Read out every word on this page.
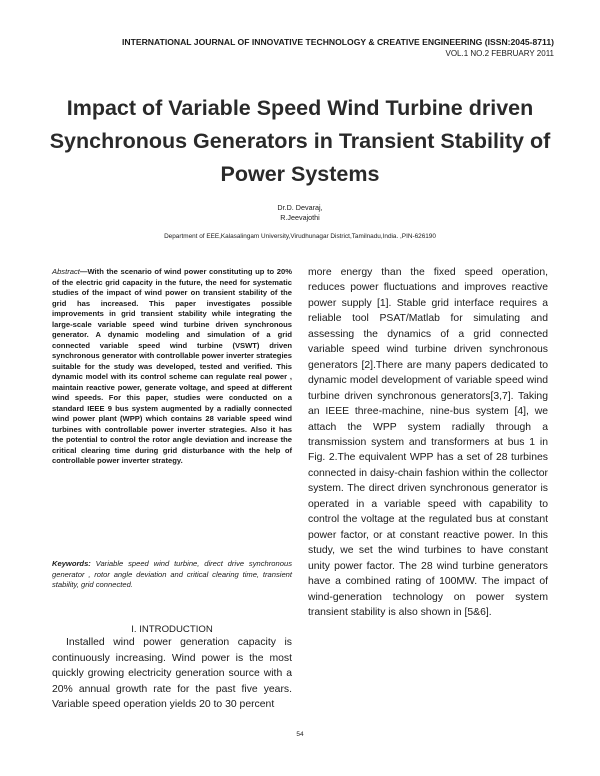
INTERNATIONAL JOURNAL OF INNOVATIVE TECHNOLOGY & CREATIVE ENGINEERING (ISSN:2045-8711)
VOL.1 NO.2 FEBRUARY 2011
Impact of Variable Speed Wind Turbine driven
Synchronous Generators in Transient Stability of
Power Systems
Dr.D. Devaraj,
R.Jeevajothi
Department of EEE,Kalasalingam University,Virudhunagar District,Tamilnadu,India. ,PIN-626190
Abstract—With the scenario of wind power constituting up to 20% of the electric grid capacity in the future, the need for systematic studies of the impact of wind power on transient stability of the grid has increased. This paper investigates possible improvements in grid transient stability while integrating the large-scale variable speed wind turbine driven synchronous generator. A dynamic modeling and simulation of a grid connected variable speed wind turbine (VSWT) driven synchronous generator with controllable power inverter strategies suitable for the study was developed, tested and verified. This dynamic model with its control scheme can regulate real power , maintain reactive power, generate voltage, and speed at different wind speeds. For this paper, studies were conducted on a standard IEEE 9 bus system augmented by a radially connected wind power plant (WPP) which contains 28 variable speed wind turbines with controllable power inverter strategies. Also it has the potential to control the rotor angle deviation and increase the critical clearing time during grid disturbance with the help of controllable power inverter strategy.
Keywords: Variable speed wind turbine, direct drive synchronous generator , rotor angle deviation and critical clearing time, transient stability, grid connected.
I. INTRODUCTION

Installed wind power generation capacity is continuously increasing. Wind power is the most quickly growing electricity generation source with a 20% annual growth rate for the past five years. Variable speed operation yields 20 to 30 percent

more energy than the fixed speed operation, reduces power fluctuations and improves reactive power supply [1]. Stable grid interface requires a reliable tool PSAT/Matlab for simulating and assessing the dynamics of a grid connected variable speed wind turbine driven synchronous generators [2].There are many papers dedicated to dynamic model development of variable speed wind turbine driven synchronous generators[3,7]. Taking an IEEE three-machine, nine-bus system [4], we attach the WPP system radially through a transmission system and transformers at bus 1 in Fig. 2.The equivalent WPP has a set of 28 turbines connected in daisy-chain fashion within the collector system. The direct driven synchronous generator is operated in a variable speed with capability to control the voltage at the regulated bus at constant power factor, or at constant reactive power. In this study, we set the wind turbines to have constant unity power factor. The 28 wind turbine generators have a combined rating of 100MW. The impact of wind-generation technology on power system transient stability is also shown in [5&6].

54
